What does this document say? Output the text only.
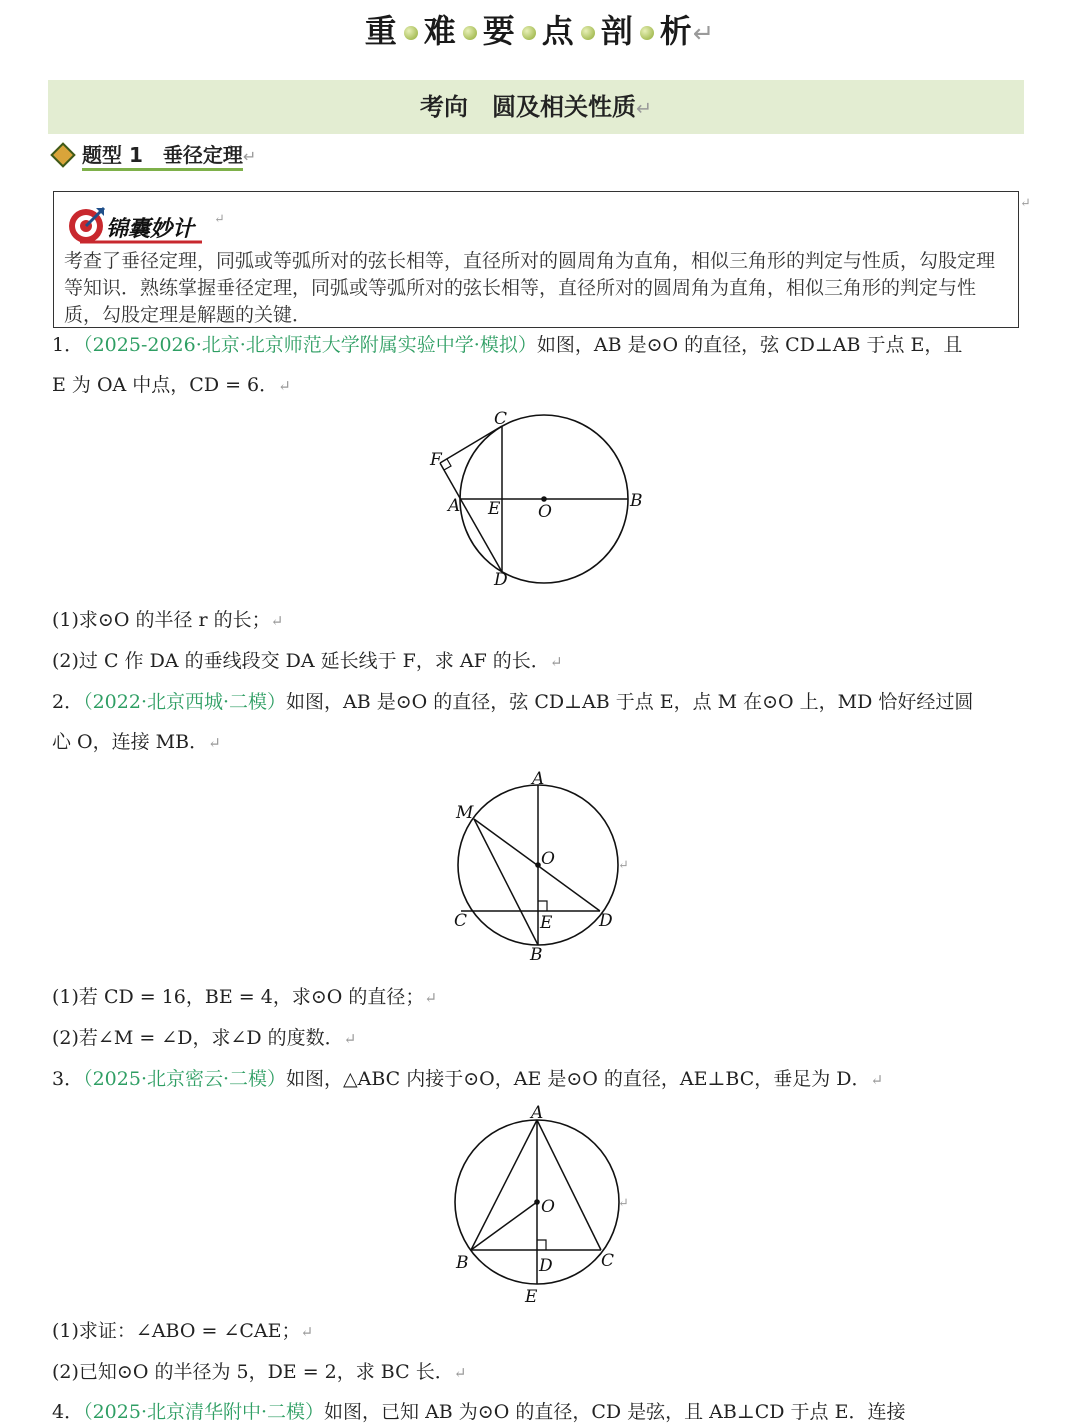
重 难 要 点 剖 析↵
考向　圆及相关性质↵
题型 1　垂径定理↵
↵
锦囊妙计 ↵
考查了垂径定理，同弧或等弧所对的弦长相等，直径所对的圆周角为直角，相似三角形的判定与性质，勾股定理等知识．熟练掌握垂径定理，同弧或等弧所对的弦长相等，直径所对的圆周角为直角，相似三角形的判定与性质，勾股定理是解题的关键．
1．（2025-2026·北京·北京师范大学附属实验中学·模拟）如图，AB 是⊙O 的直径，弦 CD⊥AB 于点 E，且
E 为 OA 中点，CD = 6．↵
C
F
A E O
B
D
(1)求⊙O 的半径 r 的长；↵
(2)过 C 作 DA 的垂线段交 DA 延长线于 F，求 AF 的长．↵
2．（2022·北京西城·二模）如图，AB 是⊙O 的直径，弦 CD⊥AB 于点 E，点 M 在⊙O 上，MD 恰好经过圆
心 O，连接 MB．↵
A
M
O
C	E	D
B
↵
(1)若 CD = 16，BE = 4，求⊙O 的直径；↵
(2)若∠M = ∠D，求∠D 的度数．↵
3．（2025·北京密云·二模）如图，△ABC 内接于⊙O，AE 是⊙O 的直径，AE⊥BC，垂足为 D．↵
A
O
B	D	C
E
↵
(1)求证：∠ABO = ∠CAE；↵
(2)已知⊙O 的半径为 5，DE = 2，求 BC 长．↵
4．（2025·北京清华附中·二模）如图，已知 AB 为⊙O 的直径，CD 是弦，且 AB⊥CD 于点 E．连接
